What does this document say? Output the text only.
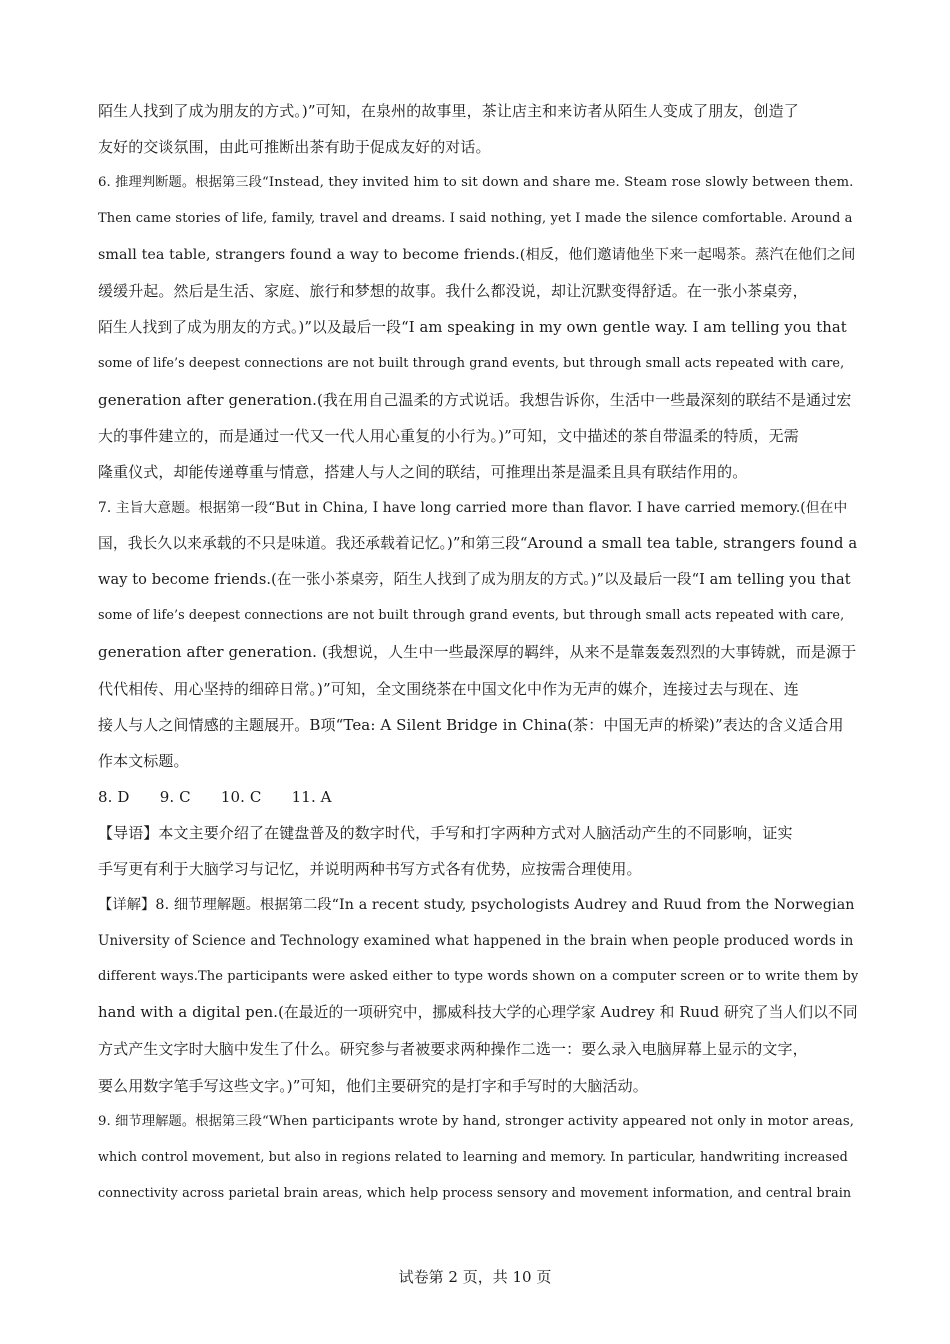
陌生人找到了成为朋友的方式。)”可知，在泉州的故事里，茶让店主和来访者从陌生人变成了朋友，创造了
友好的交谈氛围，由此可推断出茶有助于促成友好的对话。
6. 推理判断题。根据第三段“Instead, they invited him to sit down and share me. Steam rose slowly between them.
Then came stories of life, family, travel and dreams. I said nothing, yet I made the silence comfortable. Around a
small tea table, strangers found a way to become friends.(相反，他们邀请他坐下来一起喝茶。蒸汽在他们之间
缓缓升起。然后是生活、家庭、旅行和梦想的故事。我什么都没说，却让沉默变得舒适。在一张小茶桌旁，
陌生人找到了成为朋友的方式。)”以及最后一段“I am speaking in my own gentle way. I am telling you that
some of life’s deepest connections are not built through grand events, but through small acts repeated with care,
generation after generation.(我在用自己温柔的方式说话。我想告诉你，生活中一些最深刻的联结不是通过宏
大的事件建立的，而是通过一代又一代人用心重复的小行为。)”可知，文中描述的茶自带温柔的特质，无需
隆重仪式，却能传递尊重与情意，搭建人与人之间的联结，可推理出茶是温柔且具有联结作用的。
7. 主旨大意题。根据第一段“But in China, I have long carried more than flavor. I have carried memory.(但在中
国，我长久以来承载的不只是味道。我还承载着记忆。)”和第三段“Around a small tea table, strangers found a
way to become friends.(在一张小茶桌旁，陌生人找到了成为朋友的方式。)”以及最后一段“I am telling you that
some of life’s deepest connections are not built through grand events, but through small acts repeated with care,
generation after generation. (我想说，人生中一些最深厚的羁绊，从来不是靠轰轰烈烈的大事铸就，而是源于
代代相传、用心坚持的细碎日常。)”可知，全文围绕茶在中国文化中作为无声的媒介，连接过去与现在、连
接人与人之间情感的主题展开。B项“Tea: A Silent Bridge in China(茶：中国无声的桥梁)”表达的含义适合用
作本文标题。
8. D　　9. C　　10. C　　11. A
【导语】本文主要介绍了在键盘普及的数字时代，手写和打字两种方式对人脑活动产生的不同影响，证实
手写更有利于大脑学习与记忆，并说明两种书写方式各有优势，应按需合理使用。
【详解】8. 细节理解题。根据第二段“In a recent study, psychologists Audrey and Ruud from the Norwegian
University of Science and Technology examined what happened in the brain when people produced words in
different ways.The participants were asked either to type words shown on a computer screen or to write them by
hand with a digital pen.(在最近的一项研究中，挪威科技大学的心理学家 Audrey 和 Ruud 研究了当人们以不同
方式产生文字时大脑中发生了什么。研究参与者被要求两种操作二选一：要么录入电脑屏幕上显示的文字，
要么用数字笔手写这些文字。)”可知，他们主要研究的是打字和手写时的大脑活动。
9. 细节理解题。根据第三段“When participants wrote by hand, stronger activity appeared not only in motor areas,
which control movement, but also in regions related to learning and memory. In particular, handwriting increased
connectivity across parietal brain areas, which help process sensory and movement information, and central brain
试卷第 2 页，共 10 页
